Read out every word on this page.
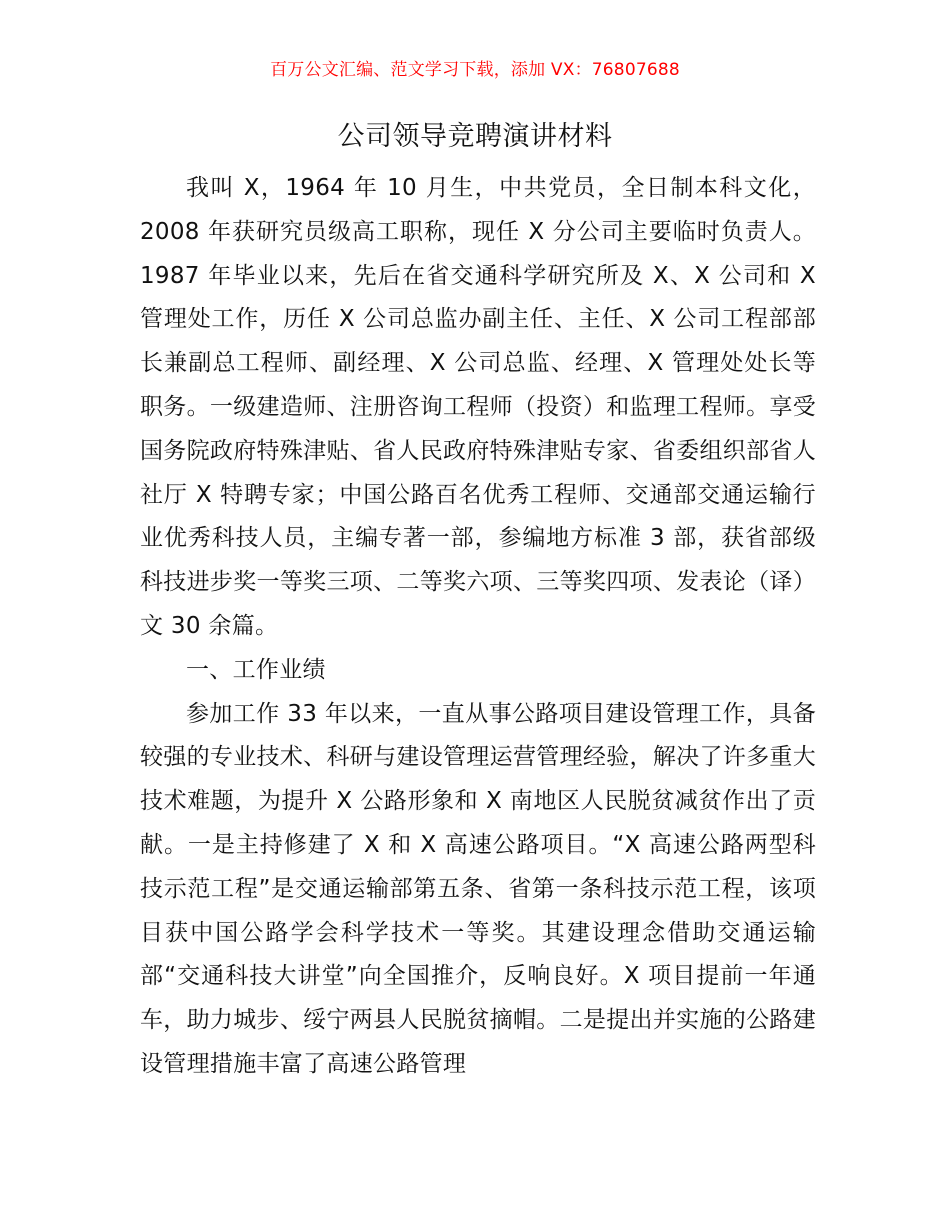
百万公文汇编、范文学习下载，添加 VX：76807688
公司领导竞聘演讲材料

我叫 X，1964 年 10 月生，中共党员，全日制本科文化，2008 年获研究员级高工职称，现任 X 分公司主要临时负责人。1987 年毕业以来，先后在省交通科学研究所及 X、X 公司和 X 管理处工作，历任 X 公司总监办副主任、主任、X 公司工程部部长兼副总工程师、副经理、X 公司总监、经理、X 管理处处长等职务。一级建造师、注册咨询工程师（投资）和监理工程师。享受国务院政府特殊津贴、省人民政府特殊津贴专家、省委组织部省人社厅 X 特聘专家；中国公路百名优秀工程师、交通部交通运输行业优秀科技人员，主编专著一部，参编地方标准 3 部，获省部级科技进步奖一等奖三项、二等奖六项、三等奖四项、发表论（译）文 30 余篇。

一、工作业绩

参加工作 33 年以来，一直从事公路项目建设管理工作，具备较强的专业技术、科研与建设管理运营管理经验，解决了许多重大技术难题，为提升 X 公路形象和 X 南地区人民脱贫减贫作出了贡献。一是主持修建了 X 和 X 高速公路项目。“X 高速公路两型科技示范工程”是交通运输部第五条、省第一条科技示范工程，该项目获中国公路学会科学技术一等奖。其建设理念借助交通运输部“交通科技大讲堂”向全国推介，反响良好。X 项目提前一年通车，助力城步、绥宁两县人民脱贫摘帽。二是提出并实施的公路建设管理措施丰富了高速公路管理
